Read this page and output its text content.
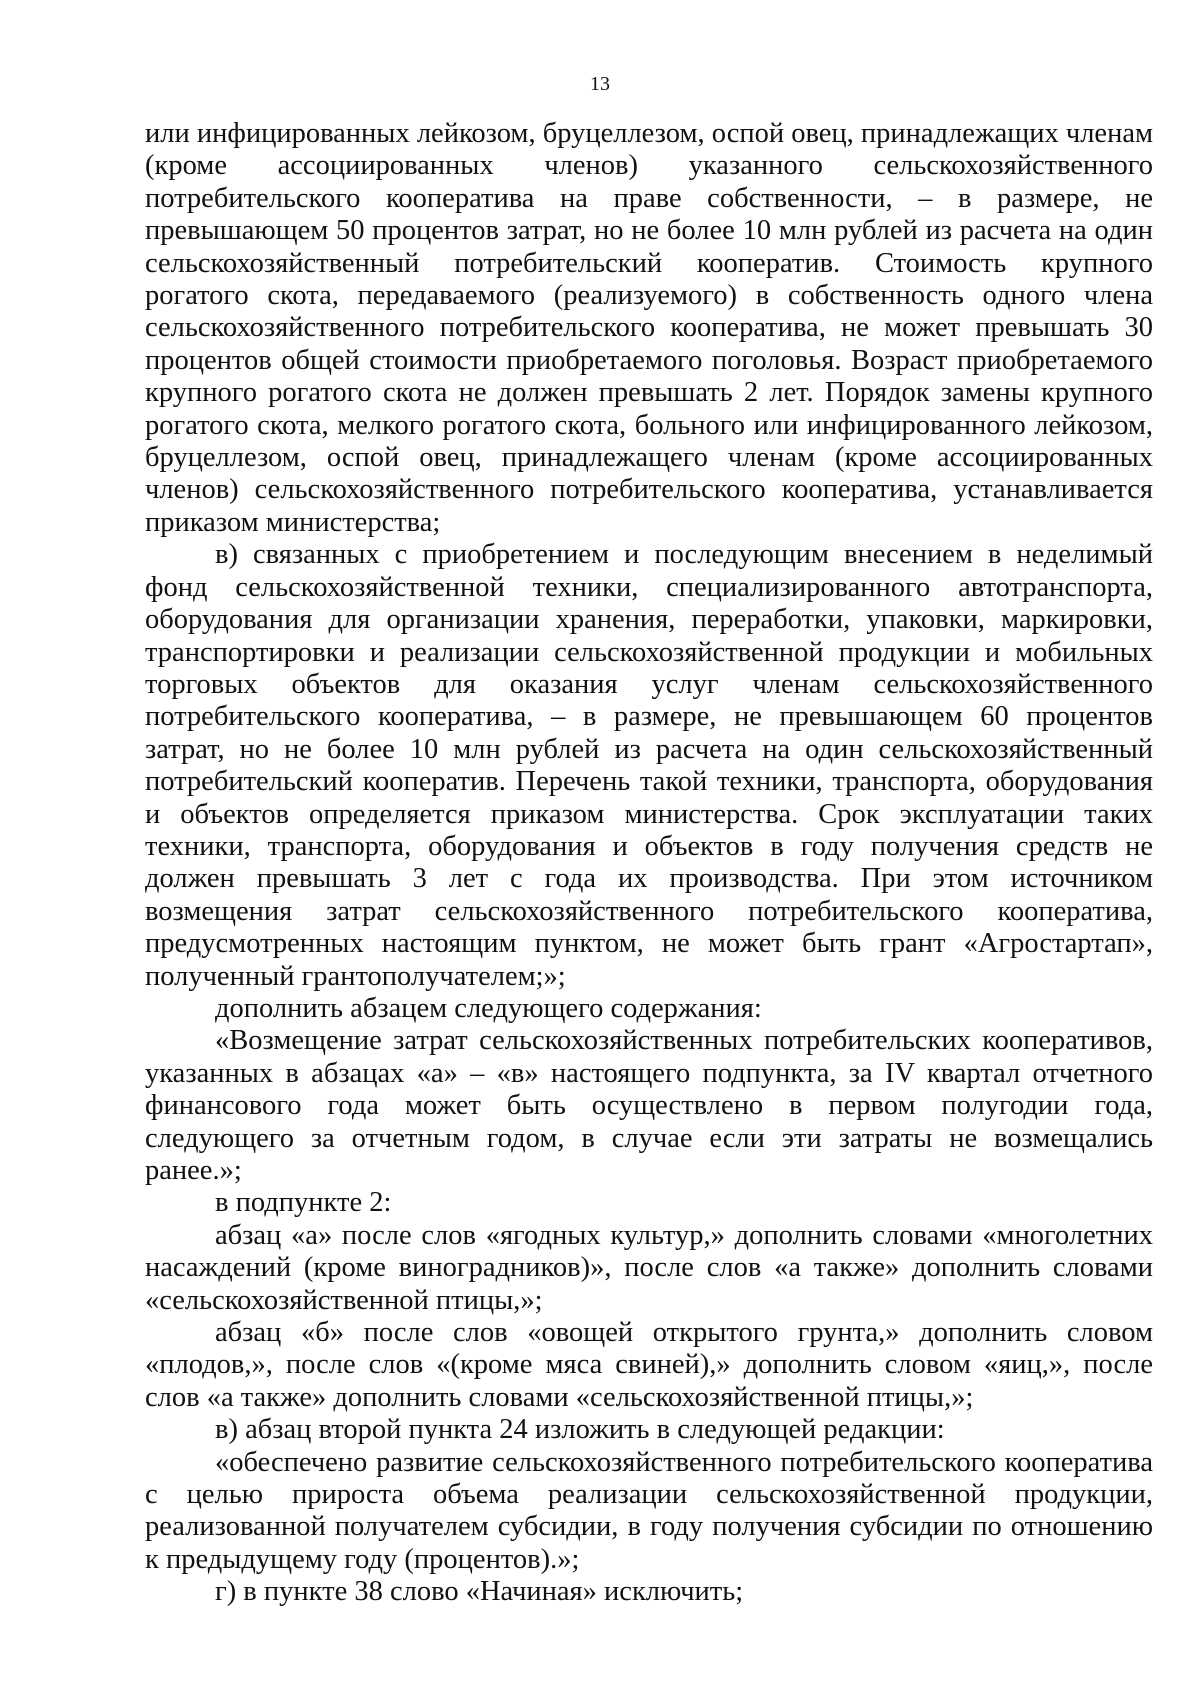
13

или инфицированных лейкозом, бруцеллезом, оспой овец, принадлежащих членам (кроме ассоциированных членов) указанного сельскохозяйственного потребительского кооператива на праве собственности, – в размере, не превышающем 50 процентов затрат, но не более 10 млн рублей из расчета на один сельскохозяйственный потребительский кооператив. Стоимость крупного рогатого скота, передаваемого (реализуемого) в собственность одного члена сельскохозяйственного потребительского кооператива, не может превышать 30 процентов общей стоимости приобретаемого поголовья. Возраст приобретаемого крупного рогатого скота не должен превышать 2 лет. Порядок замены крупного рогатого скота, мелкого рогатого скота, больного или инфицированного лейкозом, бруцеллезом, оспой овец, принадлежащего членам (кроме ассоциированных членов) сельскохозяйственного потребительского кооператива, устанавливается приказом министерства;

в) связанных с приобретением и последующим внесением в неделимый фонд сельскохозяйственной техники, специализированного автотранспорта, оборудования для организации хранения, переработки, упаковки, маркировки, транспортировки и реализации сельскохозяйственной продукции и мобильных торговых объектов для оказания услуг членам сельскохозяйственного потребительского кооператива, – в размере, не превышающем 60 процентов затрат, но не более 10 млн рублей из расчета на один сельскохозяйственный потребительский кооператив. Перечень такой техники, транспорта, оборудования и объектов определяется приказом министерства. Срок эксплуатации таких техники, транспорта, оборудования и объектов в году получения средств не должен превышать 3 лет с года их производства. При этом источником возмещения затрат сельскохозяйственного потребительского кооператива, предусмотренных настоящим пунктом, не может быть грант «Агростартап», полученный грантополучателем;»;

дополнить абзацем следующего содержания:

«Возмещение затрат сельскохозяйственных потребительских кооперативов, указанных в абзацах «а» – «в» настоящего подпункта, за IV квартал отчетного финансового года может быть осуществлено в первом полугодии года, следующего за отчетным годом, в случае если эти затраты не возмещались ранее.»;

в подпункте 2:

абзац «а» после слов «ягодных культур,» дополнить словами «многолетних насаждений (кроме виноградников)», после слов «а также» дополнить словами «сельскохозяйственной птицы,»;

абзац «б» после слов «овощей открытого грунта,» дополнить словом «плодов,», после слов «(кроме мяса свиней),» дополнить словом «яиц,», после слов «а также» дополнить словами «сельскохозяйственной птицы,»;

в) абзац второй пункта 24 изложить в следующей редакции:

«обеспечено развитие сельскохозяйственного потребительского кооператива с целью прироста объема реализации сельскохозяйственной продукции, реализованной получателем субсидии, в году получения субсидии по отношению к предыдущему году (процентов).»;

г) в пункте 38 слово «Начиная» исключить;
